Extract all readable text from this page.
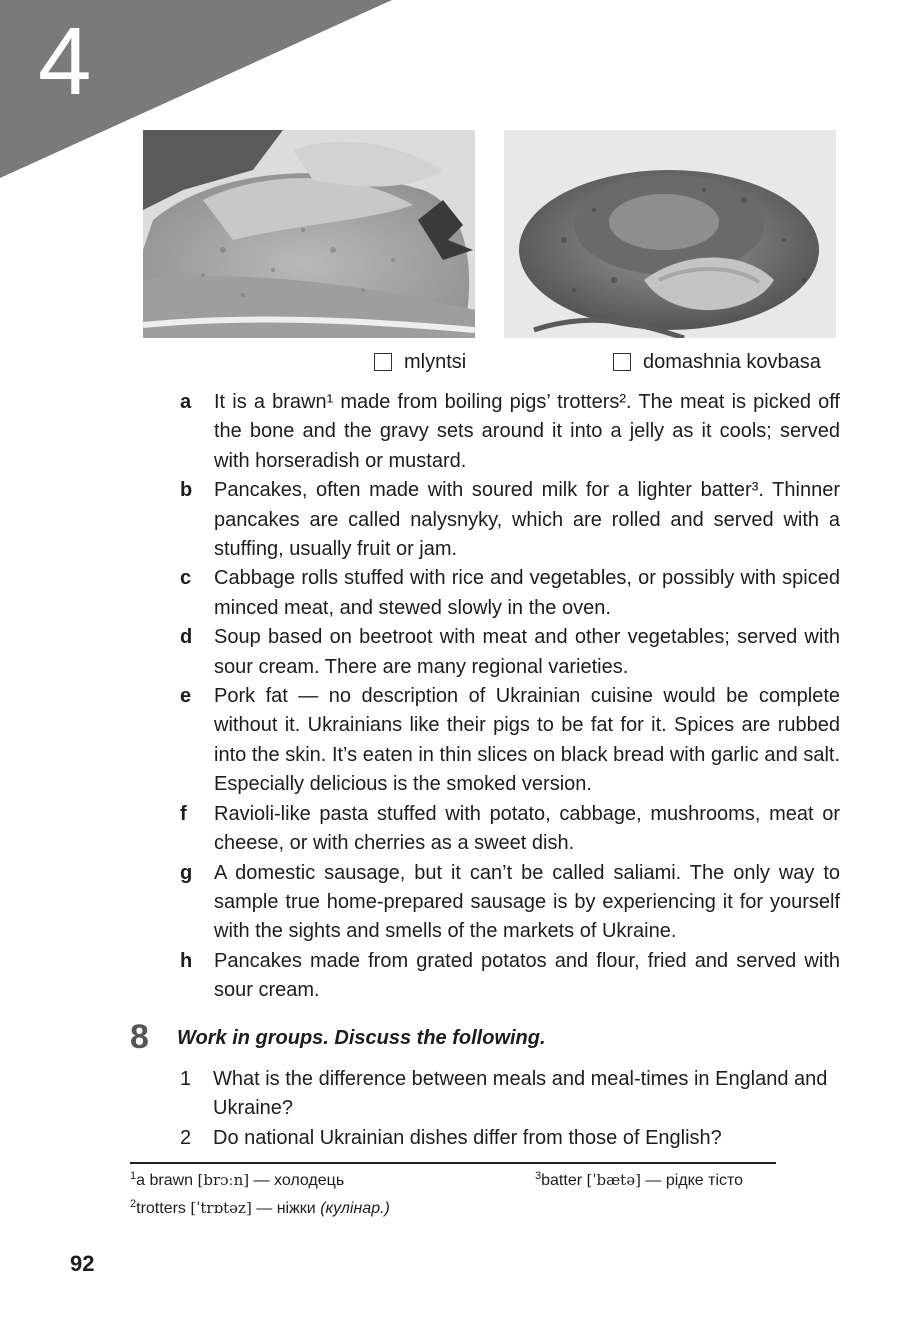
4
mlyntsi	domashnia kovbasa
a	It is a brawn¹ made from boiling pigs’ trotters². The meat is picked off the bone and the gravy sets around it into a jelly as it cools; served with horseradish or mustard.
b	Pancakes, often made with soured milk for a lighter batter³. Thinner pancakes are called nalysnyky, which are rolled and served with a stuffing, usually fruit or jam.
c	Cabbage rolls stuffed with rice and vegetables, or possibly with spiced minced meat, and stewed slowly in the oven.
d	Soup based on beetroot with meat and other vegetables; served with sour cream. There are many regional varieties.
e	Pork fat — no description of Ukrainian cuisine would be complete without it. Ukrainians like their pigs to be fat for it. Spices are rubbed into the skin. It’s eaten in thin slices on black bread with garlic and salt. Especially delicious is the smoked version.
f	Ravioli-like pasta stuffed with potato, cabbage, mushrooms, meat or cheese, or with cherries as a sweet dish.
g	A domestic sausage, but it can’t be called saliami. The only way to sample true home-prepared sausage is by experiencing it for yourself with the sights and smells of the markets of Ukraine.
h	Pancakes made from grated potatos and flour, fried and served with sour cream.
8 Work in groups. Discuss the following.
1	What is the difference between meals and meal-times in England and Ukraine?
2	Do national Ukrainian dishes differ from those of English?
$^1$a brawn [brɔːn] — холодець
$^2$trotters [ˈtrɒtəz] — ніжки (кулінар.)
$^3$batter [ˈbætə] — рідке тісто
92
